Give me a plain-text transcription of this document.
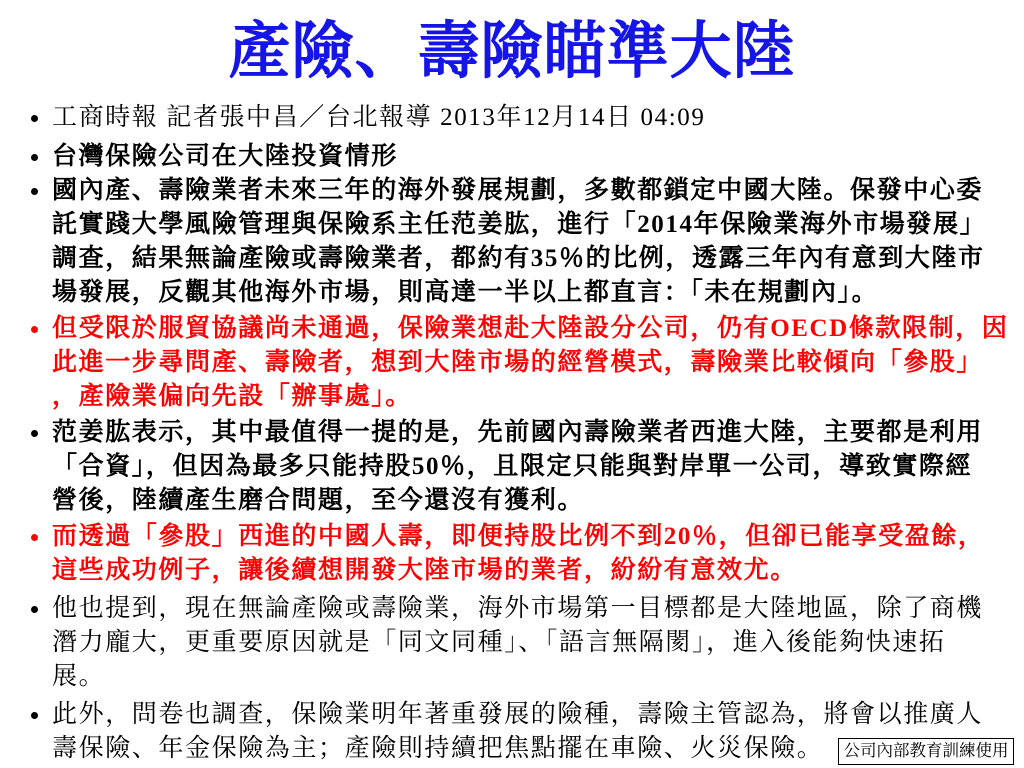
產險、壽險瞄準大陸
工商時報 記者張中昌／台北報導 2013年12月14日 04:09
台灣保險公司在大陸投資情形
國內產、壽險業者未來三年的海外發展規劃，多數都鎖定中國大陸。保發中心委
託實踐大學風險管理與保險系主任范姜肱，進行「2014年保險業海外市場發展」
調查，結果無論產險或壽險業者，都約有35％的比例，透露三年內有意到大陸市
場發展，反觀其他海外市場，則高達一半以上都直言：「未在規劃內」。
但受限於服貿協議尚未通過，保險業想赴大陸設分公司，仍有OECD條款限制，因
此進一步尋問產、壽險者，想到大陸市場的經營模式，壽險業比較傾向「參股」
，產險業偏向先設「辦事處」。
范姜肱表示，其中最值得一提的是，先前國內壽險業者西進大陸，主要都是利用
「合資」，但因為最多只能持股50％，且限定只能與對岸單一公司，導致實際經
營後，陸續產生磨合問題，至今還沒有獲利。
而透過「參股」西進的中國人壽，即便持股比例不到20％，但卻已能享受盈餘，
這些成功例子，讓後續想開發大陸市場的業者，紛紛有意效尤。
他也提到，現在無論產險或壽險業，海外市場第一目標都是大陸地區，除了商機
潛力龐大，更重要原因就是「同文同種」、「語言無隔閡」，進入後能夠快速拓
展。
此外，問卷也調查，保險業明年著重發展的險種，壽險主管認為，將會以推廣人
壽保險、年金保險為主；產險則持續把焦點擺在車險、火災保險。	公司內部教育訓練使用
